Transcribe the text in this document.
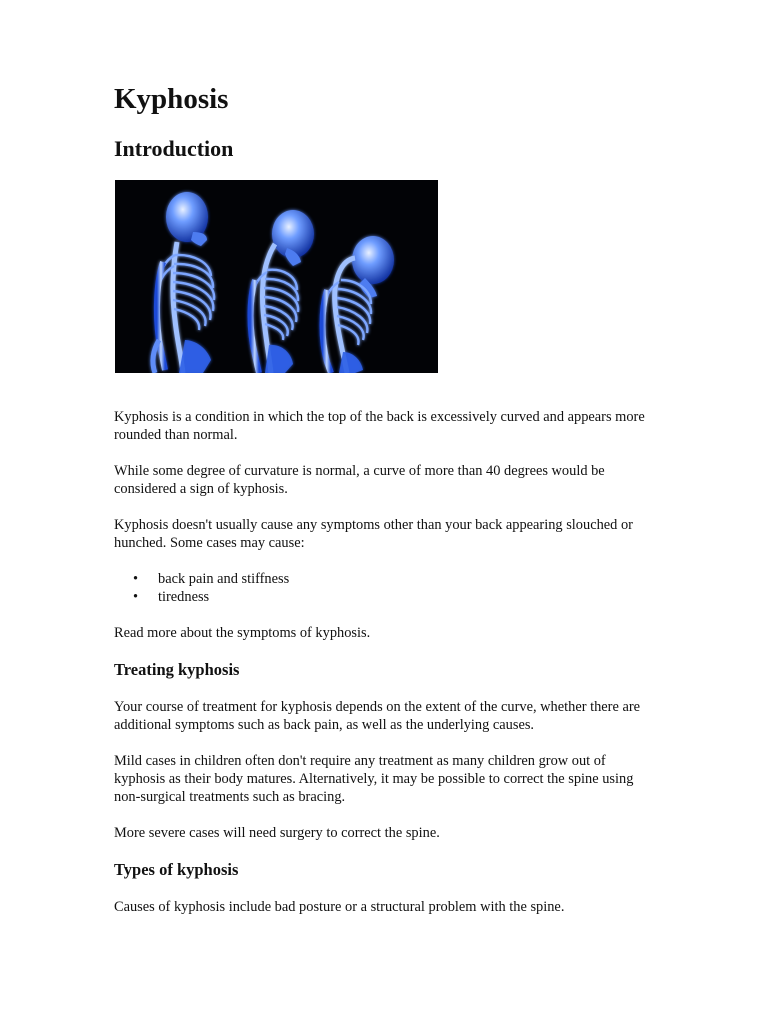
Kyphosis
Introduction

Kyphosis is a condition in which the top of the back is excessively curved and appears more rounded than normal.

While some degree of curvature is normal, a curve of more than 40 degrees would be considered a sign of kyphosis.

Kyphosis doesn't usually cause any symptoms other than your back appearing slouched or hunched. Some cases may cause:

• back pain and stiffness
• tiredness

Read more about the symptoms of kyphosis.

Treating kyphosis

Your course of treatment for kyphosis depends on the extent of the curve, whether there are additional symptoms such as back pain, as well as the underlying causes.

Mild cases in children often don't require any treatment as many children grow out of kyphosis as their body matures. Alternatively, it may be possible to correct the spine using non-surgical treatments such as bracing.

More severe cases will need surgery to correct the spine.

Types of kyphosis

Causes of kyphosis include bad posture or a structural problem with the spine.
